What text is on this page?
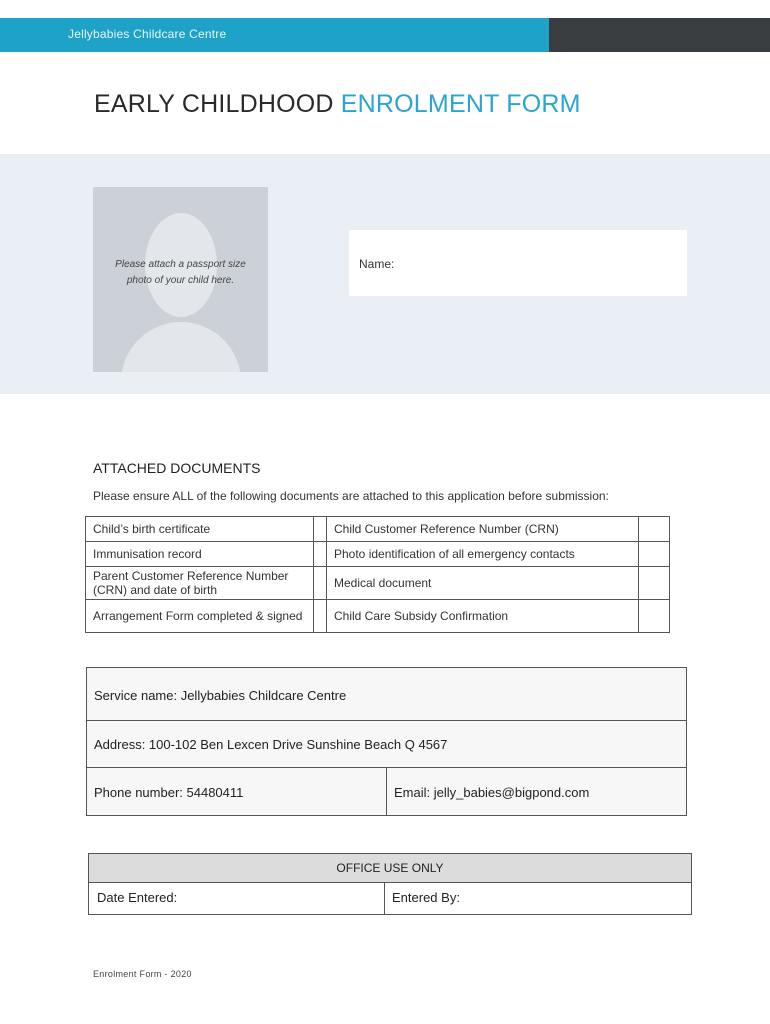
Jellybabies Childcare Centre
EARLY CHILDHOOD ENROLMENT FORM
Please attach a passport size
photo of your child here.
Name:
ATTACHED DOCUMENTS
Please ensure ALL of the following documents are attached to this application before submission:
Child’s birth certificate		Child Customer Reference Number (CRN)	
Immunisation record		Photo identification of all emergency contacts	
Parent Customer Reference Number (CRN) and date of birth		Medical document	
Arrangement Form completed & signed		Child Care Subsidy Confirmation	
Service name: Jellybabies Childcare Centre
Address: 100-102 Ben Lexcen Drive Sunshine Beach Q 4567
Phone number: 54480411	Email: jelly_babies@bigpond.com
OFFICE USE ONLY
Date Entered:	Entered By:
Enrolment Form - 2020
